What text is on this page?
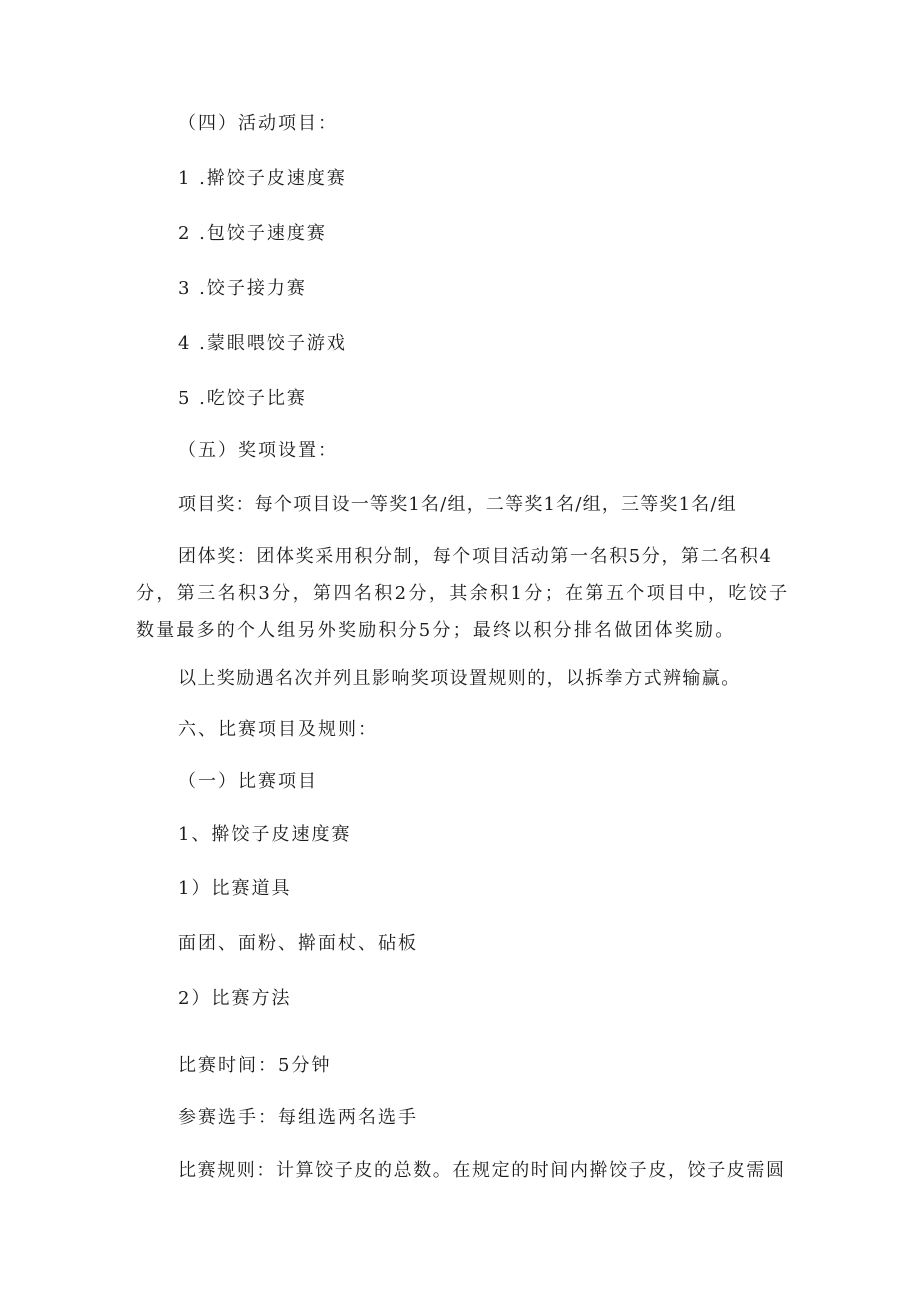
（四）活动项目：
1 .擀饺子皮速度赛
2 .包饺子速度赛
3 .饺子接力赛
4 .蒙眼喂饺子游戏
5 .吃饺子比赛
（五）奖项设置：
项目奖：每个项目设一等奖1名/组，二等奖1名/组，三等奖1名/组
团体奖：团体奖采用积分制，每个项目活动第一名积5分，第二名积4
分，第三名积3分，第四名积2分，其余积1分；在第五个项目中，吃饺子
数量最多的个人组另外奖励积分5分；最终以积分排名做团体奖励。
以上奖励遇名次并列且影响奖项设置规则的，以拆拳方式辨输赢。
六、比赛项目及规则：
（一）比赛项目
1、擀饺子皮速度赛
1）比赛道具
面团、面粉、擀面杖、砧板
2）比赛方法
比赛时间：5分钟
参赛选手：每组选两名选手
比赛规则：计算饺子皮的总数。在规定的时间内擀饺子皮，饺子皮需圆
